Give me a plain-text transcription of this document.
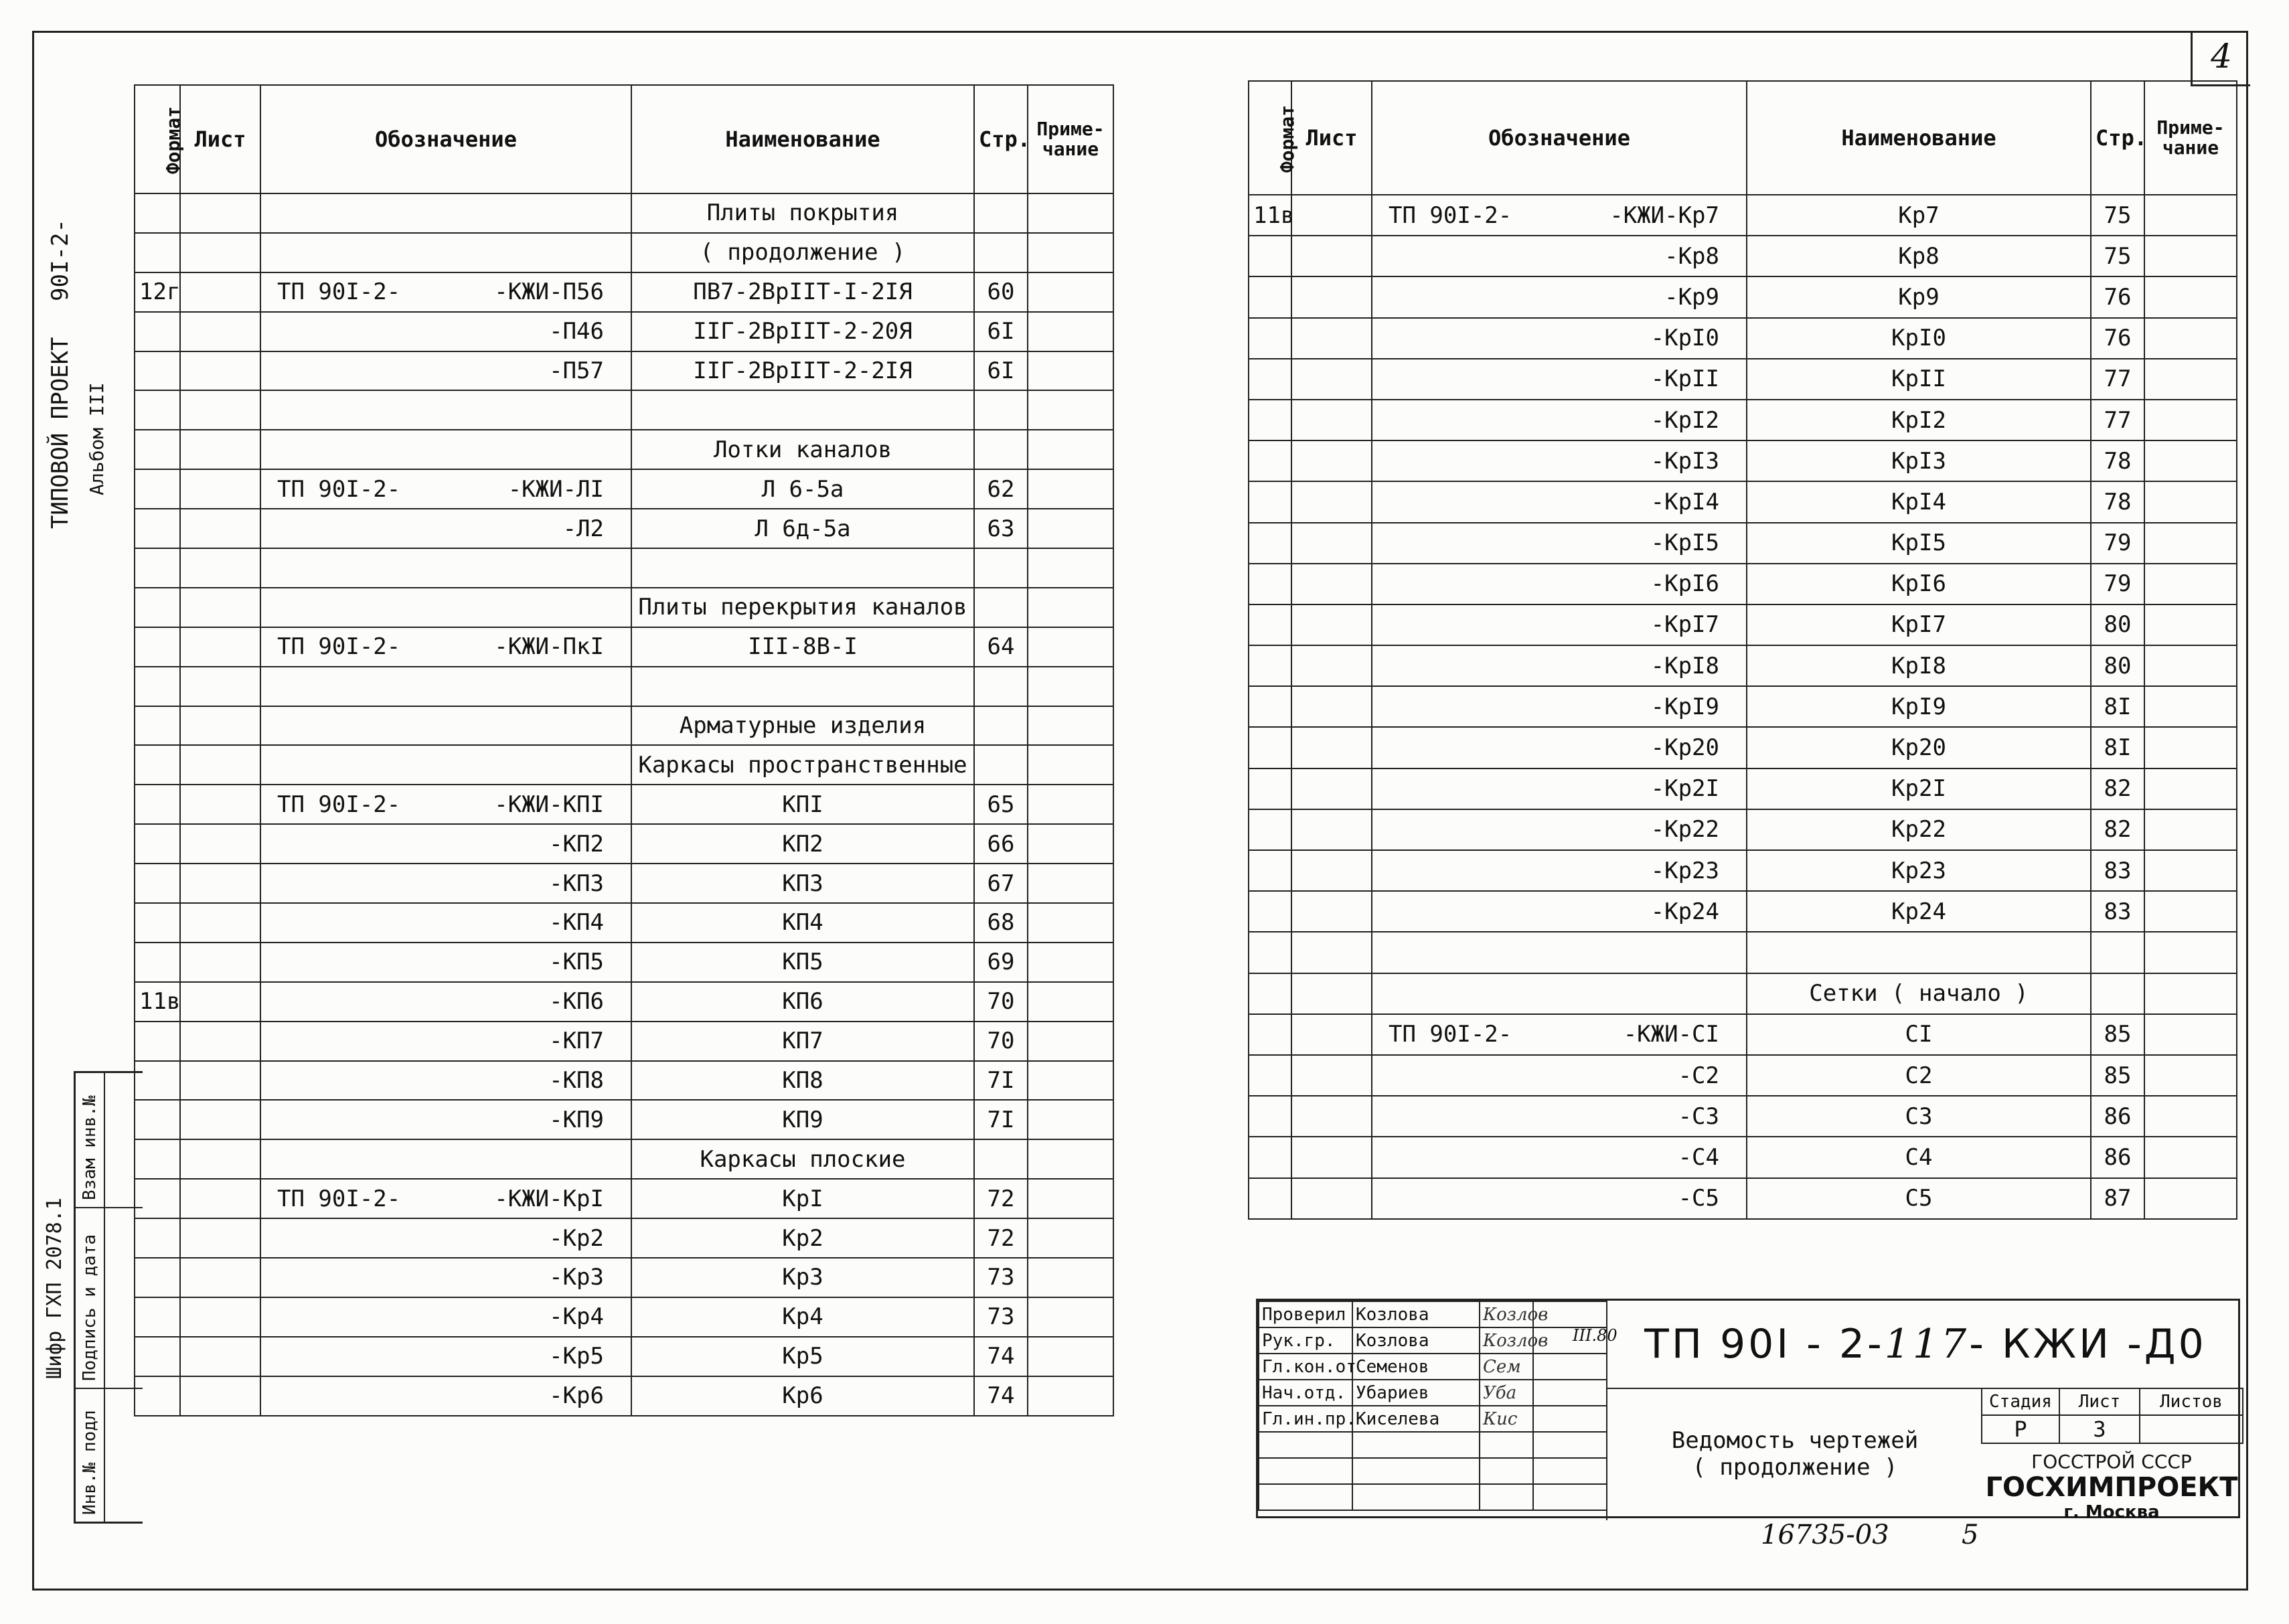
4
ТИПОВОЙ ПРОЕКТ
90I-2-
Альбом III
Шифр ГХП 2078.1
Взам инв.№
Подпись и дата
Инв.№ подл
Формат	Лист	Обозначение	Наименование	Стр.	Приме-
чание

	Плиты покрытия		

	( продолжение )		
12г		ТП 90I-2- -КЖИ-П56	ПВ7-2ВрIIТ-I-2IЯ	60	

		-П46	IIГ-2ВрIIТ-2-20Я	6I	

		-П57	IIГ-2ВрIIТ-2-2IЯ	6I	

	Лотки каналов		

		ТП 90I-2- -КЖИ-ЛI	Л 6-5а	62	

		-Л2	Л 6д-5а	63	

	Плиты перекрытия каналов		

		ТП 90I-2- -КЖИ-ПкI	III-8В-I	64	

	Арматурные изделия		

	Каркасы пространственные		

		ТП 90I-2- -КЖИ-КПI	КПI	65	

		-КП2	КП2	66	

		-КП3	КП3	67	

		-КП4	КП4	68	

		-КП5	КП5	69	
11в		-КП6	КП6	70	

		-КП7	КП7	70	

		-КП8	КП8	7I	

		-КП9	КП9	7I	

	Каркасы плоские		

		ТП 90I-2- -КЖИ-КрI	КрI	72	

		-Кр2	Кр2	72	

		-Кр3	Кр3	73	

		-Кр4	Кр4	73	

		-Кр5	Кр5	74	

		-Кр6	Кр6	74	
Формат	Лист	Обозначение	Наименование	Стр.	Приме-
чание
11в		ТП 90I-2- -КЖИ-Кр7	Кр7	75	

		-Кр8	Кр8	75	

		-Кр9	Кр9	76	

		-КрI0	КрI0	76	

		-КрII	КрII	77	

		-КрI2	КрI2	77	

		-КрI3	КрI3	78	

		-КрI4	КрI4	78	

		-КрI5	КрI5	79	

		-КрI6	КрI6	79	

		-КрI7	КрI7	80	

		-КрI8	КрI8	80	

		-КрI9	КрI9	8I	

		-Кр20	Кр20	8I	

		-Кр2I	Кр2I	82	

		-Кр22	Кр22	82	

		-Кр23	Кр23	83	

		-Кр24	Кр24	83	

	Сетки ( начало )		

		ТП 90I-2- -КЖИ-СI	СI	85	

		-С2	С2	85	

		-С3	С3	86	

		-С4	С4	86	

		-С5	С5	87	
Проверил	Козлова	Козлов	
Рук.гр.	Козлова	Козлов	
Гл.кон.от	Семенов	Сем	
Нач.отд.	Убариев	Уба	
Гл.ин.пр.	Киселева	Кис	

III.80 ТП 90I - 2-117- КЖИ -Д0
Ведомость чертежей
( продолжение )
Стадия	Лист	Листов
Р	3	
ГОССТРОЙ СССР
ГОСХИМПРОЕКТ
г. Москва
16735-03	5
